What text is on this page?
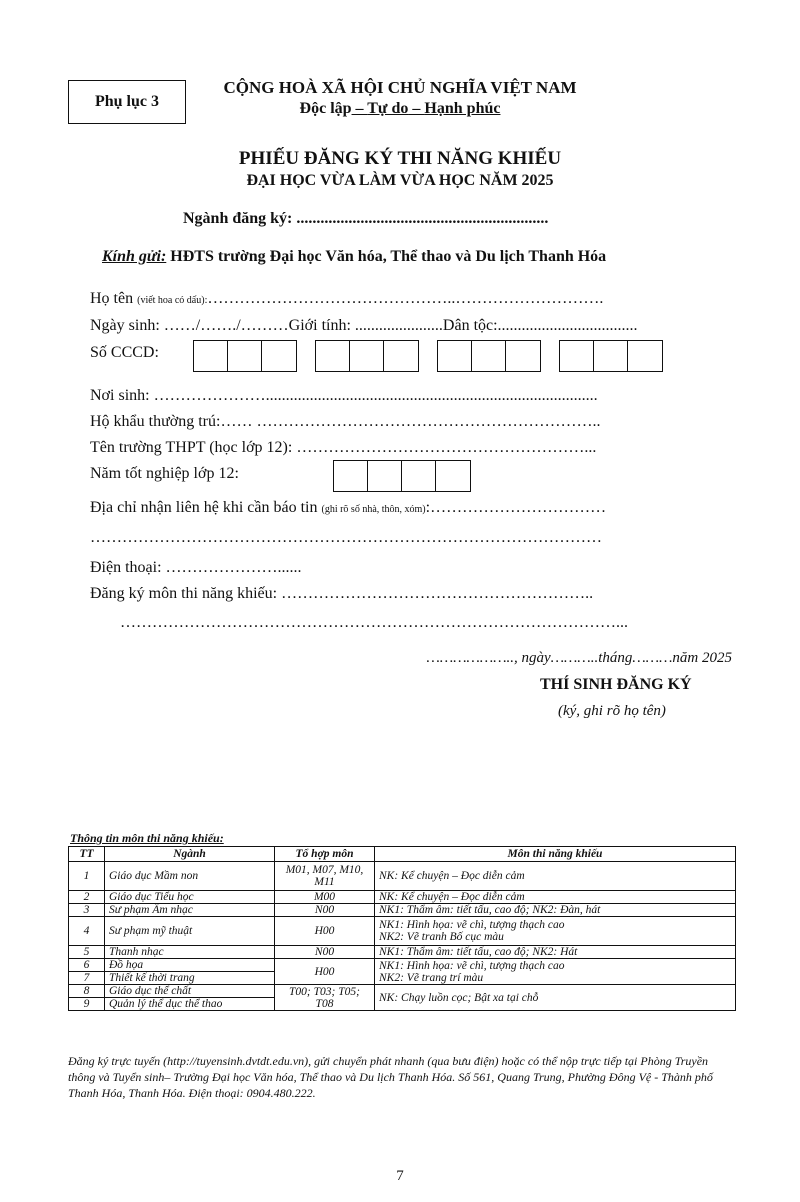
Phụ lục 3
CỘNG HOÀ XÃ HỘI CHỦ NGHĨA VIỆT NAM
Độc lập – Tự do – Hạnh phúc
PHIẾU ĐĂNG KÝ THI NĂNG KHIẾU
ĐẠI HỌC VỪA LÀM VỪA HỌC NĂM 2025
Ngành đăng ký: ...............................................................
Kính gửi: HĐTS trường Đại học Văn hóa, Thể thao và Du lịch Thanh Hóa
Họ tên (viết hoa có dấu):………………………………………..……………………….
Ngày sinh: ……/……./………Giới tính: ......................Dân tộc:...................................
Số CCCD:
Nơi sinh: …………………...................................................................................
Hộ khẩu thường trú:…… ………………………………………………………..
Tên trường THPT (học lớp 12): ………………………………………………...
Năm tốt nghiệp lớp 12:
Địa chỉ nhận liên hệ khi cần báo tin (ghi rõ số nhà, thôn, xóm):……………………………
……………………………………………………………………………………
Điện thoại: …………………......
Đăng ký môn thi năng khiếu: …………………………………………………..
…………………………………………………………………………………...
……………….., ngày………..tháng………năm 2025
THÍ SINH ĐĂNG KÝ
(ký, ghi rõ họ tên)
Thông tin môn thi năng khiếu:
TT	Ngành	Tổ hợp môn	Môn thi năng khiếu
1	Giáo dục Mầm non	M01, M07, M10, M11	NK: Kể chuyện – Đọc diễn cảm
2	Giáo dục Tiểu học	M00	NK: Kể chuyện – Đọc diễn cảm
3	Sư phạm Âm nhạc	N00	NK1: Thẩm âm: tiết tấu, cao độ; NK2: Đàn, hát
4	Sư phạm mỹ thuật	H00	NK1: Hình họa: vẽ chì, tượng thạch cao
NK2: Vẽ tranh Bố cục màu

5	Thanh nhạc	N00	NK1: Thẩm âm: tiết tấu, cao độ; NK2: Hát
6	Đồ họa	H00	NK1: Hình họa: vẽ chì, tượng thạch cao
NK2: Vẽ trang trí màu

7	Thiết kế thời trang		
8	Giáo dục thể chất	T00; T03; T05; T08	NK: Chạy luồn cọc; Bật xa tại chỗ
9	Quản lý thể dục thể thao		
Đăng ký trực tuyến (http://tuyensinh.dvtdt.edu.vn), gửi chuyển phát nhanh (qua bưu điện) hoặc có thể nộp trực tiếp tại Phòng Truyền thông và Tuyển sinh– Trường Đại học Văn hóa, Thể thao và Du lịch Thanh Hóa. Số 561, Quang Trung, Phường Đông Vệ - Thành phố Thanh Hóa, Thanh Hóa. Điện thoại: 0904.480.222.
7
